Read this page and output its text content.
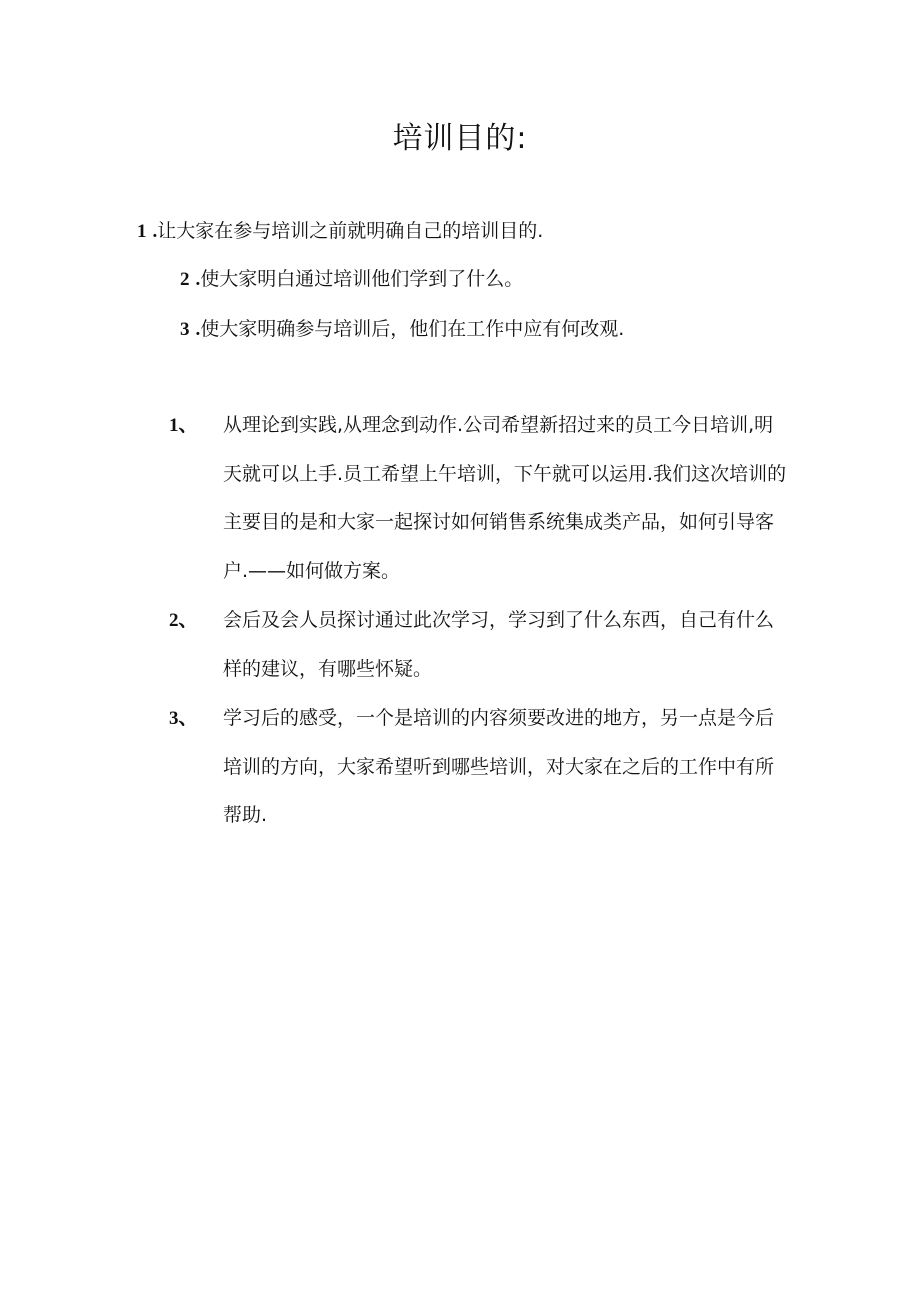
培训目的:
1 .让大家在参与培训之前就明确自己的培训目的.
2 .使大家明白通过培训他们学到了什么。
3 .使大家明确参与培训后，他们在工作中应有何改观.
1、 从理论到实践,从理念到动作.公司希望新招过来的员工今日培训,明天就可以上手.员工希望上午培训，下午就可以运用.我们这次培训的主要目的是和大家一起探讨如何销售系统集成类产品，如何引导客户.——如何做方案。
2、 会后及会人员探讨通过此次学习，学习到了什么东西，自己有什么样的建议，有哪些怀疑。
3、 学习后的感受，一个是培训的内容须要改进的地方，另一点是今后培训的方向，大家希望听到哪些培训，对大家在之后的工作中有所帮助.
